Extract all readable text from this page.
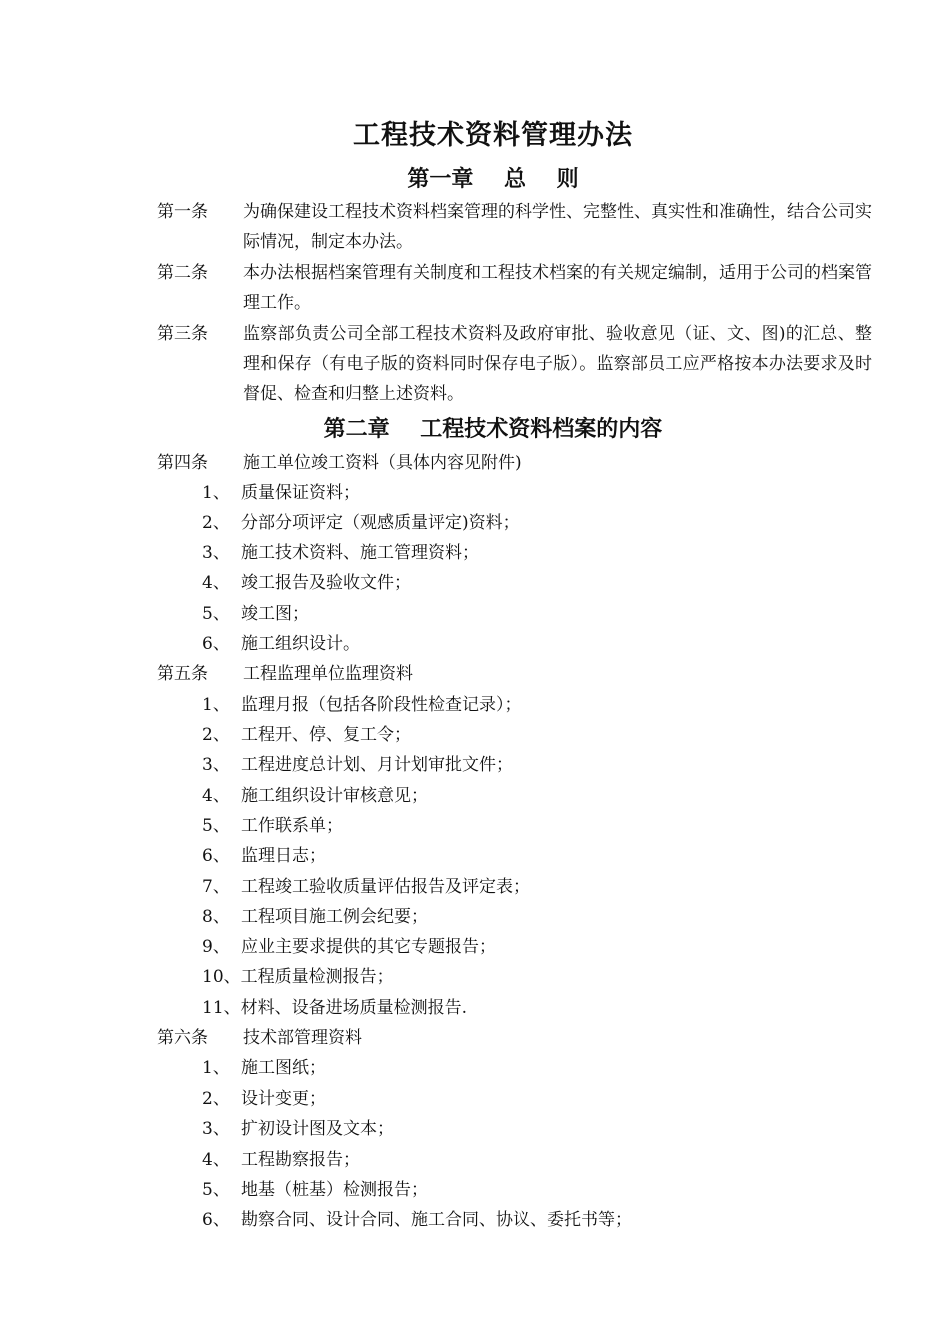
工程技术资料管理办法
第一章    总    则
第一条 为确保建设工程技术资料档案管理的科学性、完整性、真实性和准确性，结合公司实际情况，制定本办法。
第二条 本办法根据档案管理有关制度和工程技术档案的有关规定编制，适用于公司的档案管理工作。
第三条 监察部负责公司全部工程技术资料及政府审批、验收意见（证、文、图)的汇总、整理和保存（有电子版的资料同时保存电子版）。监察部员工应严格按本办法要求及时督促、检查和归整上述资料。
第二章    工程技术资料档案的内容
第四条 施工单位竣工资料（具体内容见附件)
1、 质量保证资料；
2、 分部分项评定（观感质量评定)资料；
3、 施工技术资料、施工管理资料；
4、 竣工报告及验收文件；
5、 竣工图；
6、 施工组织设计。
第五条 工程监理单位监理资料
1、 监理月报（包括各阶段性检查记录）；
2、 工程开、停、复工令；
3、 工程进度总计划、月计划审批文件；
4、 施工组织设计审核意见；
5、 工作联系单；
6、 监理日志；
7、 工程竣工验收质量评估报告及评定表；
8、 工程项目施工例会纪要；
9、 应业主要求提供的其它专题报告；
10、工程质量检测报告；
11、材料、设备进场质量检测报告.
第六条 技术部管理资料
1、 施工图纸；
2、 设计变更；
3、 扩初设计图及文本；
4、 工程勘察报告；
5、 地基（桩基）检测报告；
6、 勘察合同、设计合同、施工合同、协议、委托书等；
